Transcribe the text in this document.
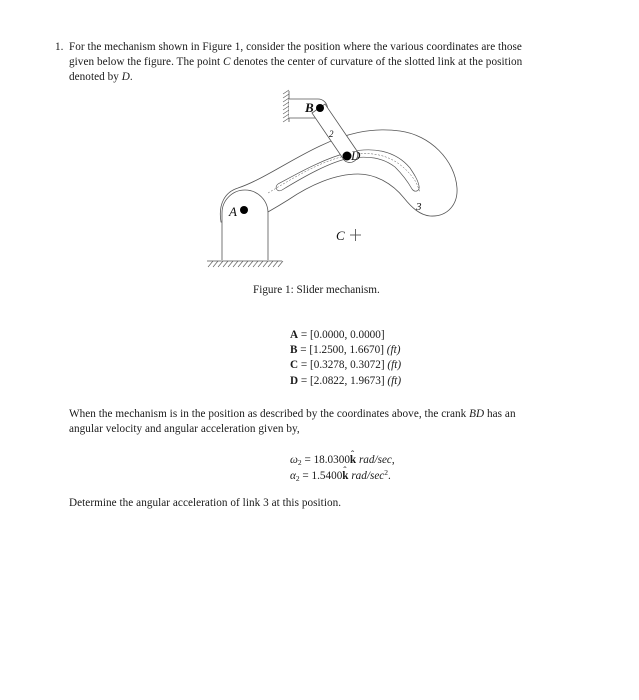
1. For the mechanism shown in Figure 1, consider the position where the various coordinates are those
given below the figure. The point C denotes the center of curvature of the slotted link at the position
denoted by D.
B
2
D
A	3
C
Figure 1: Slider mechanism.
A = [0.0000, 0.0000]
B = [1.2500, 1.6670] (ft)
C = [0.3278, 0.3072] (ft)
D = [2.0822, 1.9673] (ft)
When the mechanism is in the position as described by the coordinates above, the crank BD has an
angular velocity and angular acceleration given by,
$\omega_2$ = 18.0300ˆ k rad/sec,
$\alpha_2$ = 1.5400ˆ k rad/$\sec^2$.
Determine the angular acceleration of link 3 at this position.
